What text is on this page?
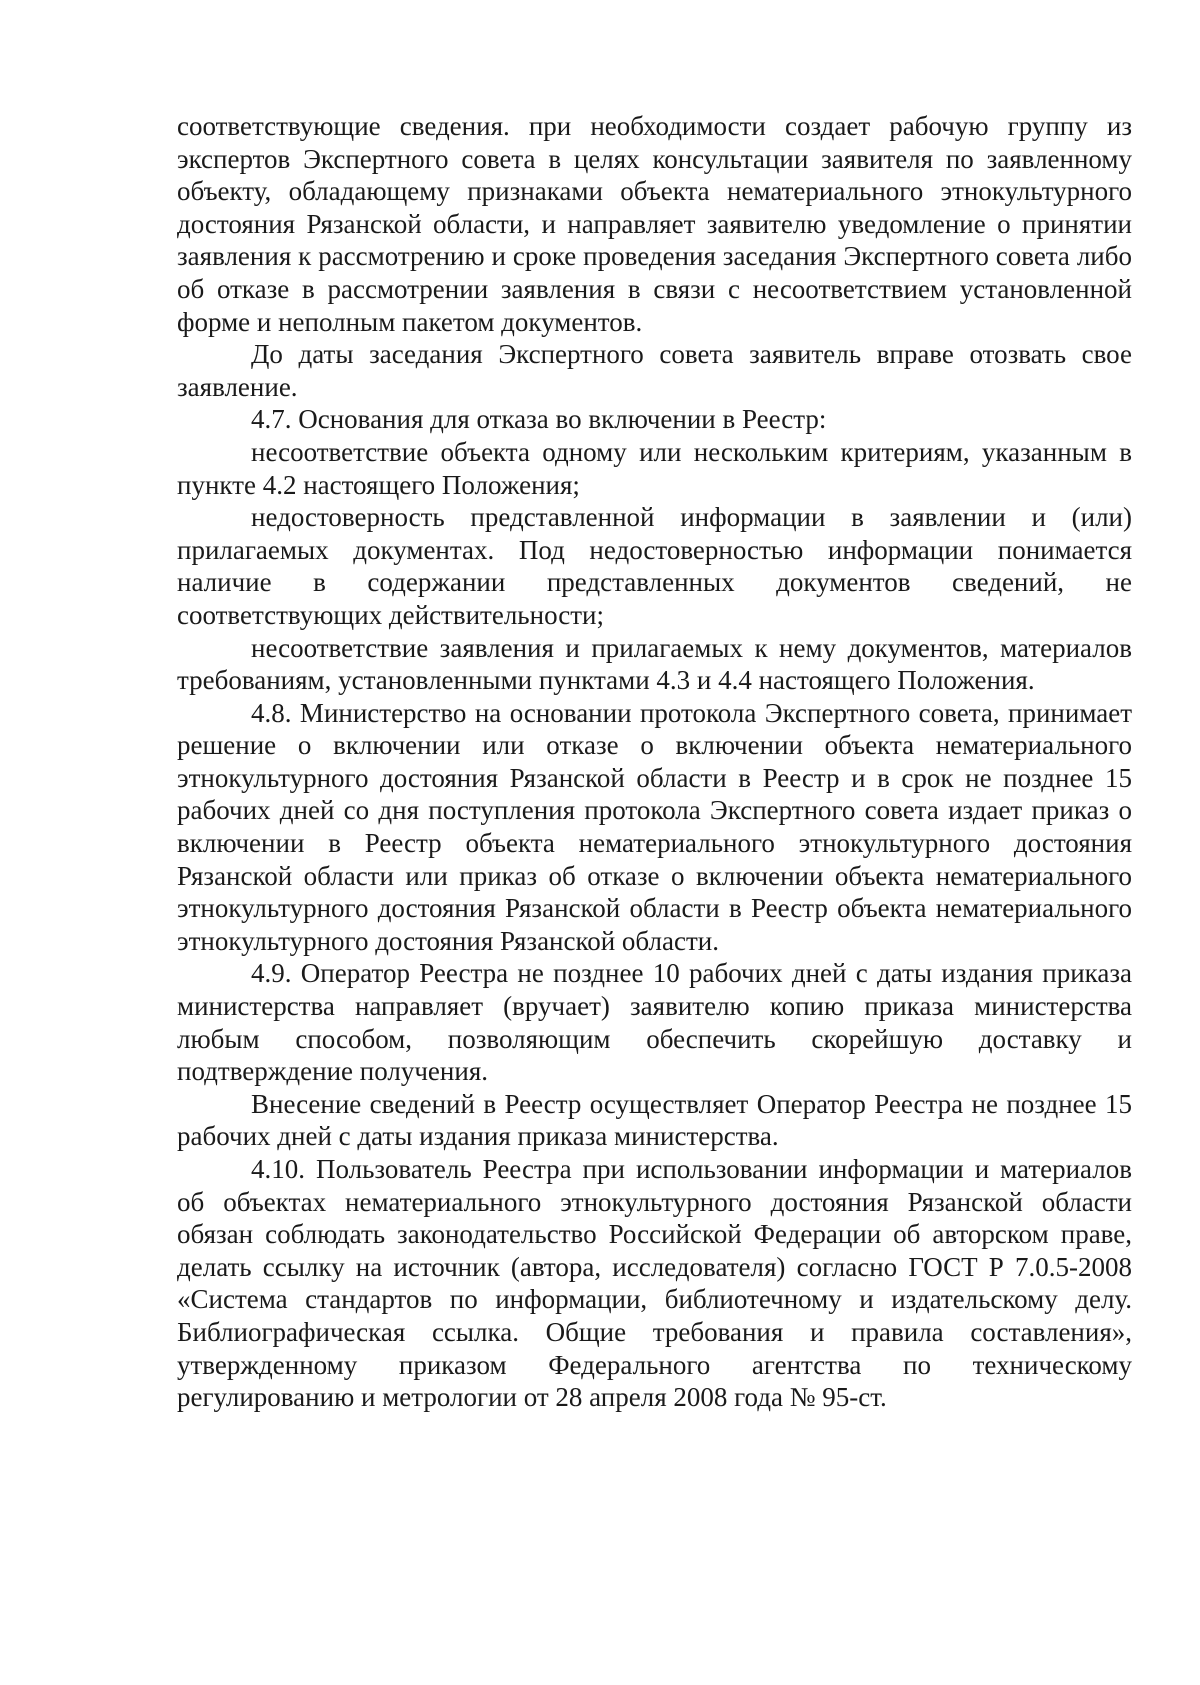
соответствующие сведения. при необходимости создает рабочую группу из экспертов Экспертного совета в целях консультации заявителя по заявленному объекту, обладающему признаками объекта нематериального этнокультурного достояния Рязанской области, и направляет заявителю уведомление о принятии заявления к рассмотрению и сроке проведения заседания Экспертного совета либо об отказе в рассмотрении заявления в связи с несоответствием установленной форме и неполным пакетом документов.

До даты заседания Экспертного совета заявитель вправе отозвать свое заявление.

4.7. Основания для отказа во включении в Реестр:

несоответствие объекта одному или нескольким критериям, указанным в пункте 4.2 настоящего Положения;

недостоверность представленной информации в заявлении и (или) прилагаемых документах. Под недостоверностью информации понимается наличие в содержании представленных документов сведений, не соответствующих действительности;

несоответствие заявления и прилагаемых к нему документов, материалов требованиям, установленными пунктами 4.3 и 4.4 настоящего Положения.

4.8. Министерство на основании протокола Экспертного совета, принимает решение о включении или отказе о включении объекта нематериального этнокультурного достояния Рязанской области в Реестр и в срок не позднее 15 рабочих дней со дня поступления протокола Экспертного совета издает приказ о включении в Реестр объекта нематериального этнокультурного достояния Рязанской области или приказ об отказе о включении объекта нематериального этнокультурного достояния Рязанской области в Реестр объекта нематериального этнокультурного достояния Рязанской области.

4.9. Оператор Реестра не позднее 10 рабочих дней с даты издания приказа министерства направляет (вручает) заявителю копию приказа министерства любым способом, позволяющим обеспечить скорейшую доставку и подтверждение получения.

Внесение сведений в Реестр осуществляет Оператор Реестра не позднее 15 рабочих дней с даты издания приказа министерства.

4.10. Пользователь Реестра при использовании информации и материалов об объектах нематериального этнокультурного достояния Рязанской области обязан соблюдать законодательство Российской Федерации об авторском праве, делать ссылку на источник (автора, исследователя) согласно ГОСТ Р 7.0.5-2008 «Система стандартов по информации, библиотечному и издательскому делу. Библиографическая ссылка. Общие требования и правила составления», утвержденному приказом Федерального агентства по техническому регулированию и метрологии от 28 апреля 2008 года № 95-ст.
